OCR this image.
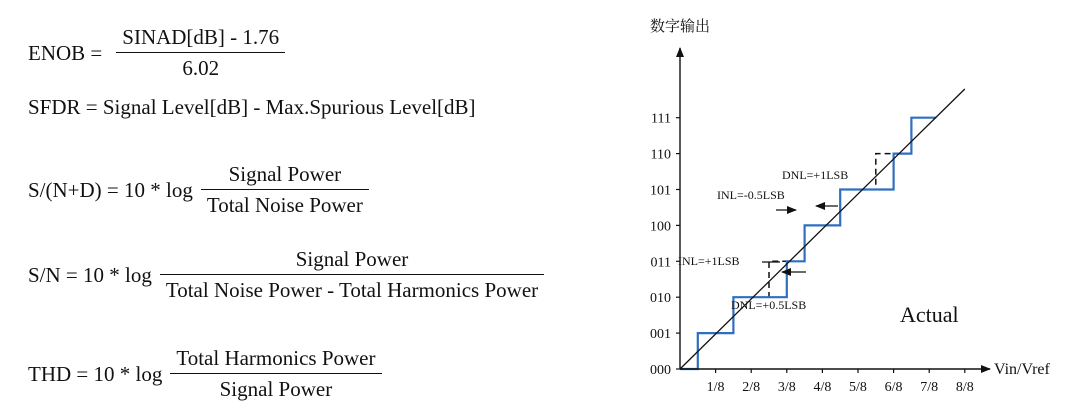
ENOB = $\frac{\text{SINAD[dB] - 1.76}}{6.02}$
SFDR = Signal Level[dB] - Max.Spurious Level[dB]
$S/(N+D) = 10 * \log \frac{\text{Signal Power}}{\text{Total Noise Power}}$
$S/N = 10 * \log \frac{\text{Signal Power}}{\text{Total Noise Power - Total Harmonics Power}}$
THD = $10 * \log \frac{\text{Total Harmonics Power}}{\text{Signal Power}}$	000
001
010
011
100
101
110
111
1/8 2/8 3/8 4/8 5/8 6/8 7/8 8/8
数字输出
Vin/Vref
Actual
DNL=+1LSB
INL=-0.5LSB
INL=+1LSB
DNL=+0.5LSB
